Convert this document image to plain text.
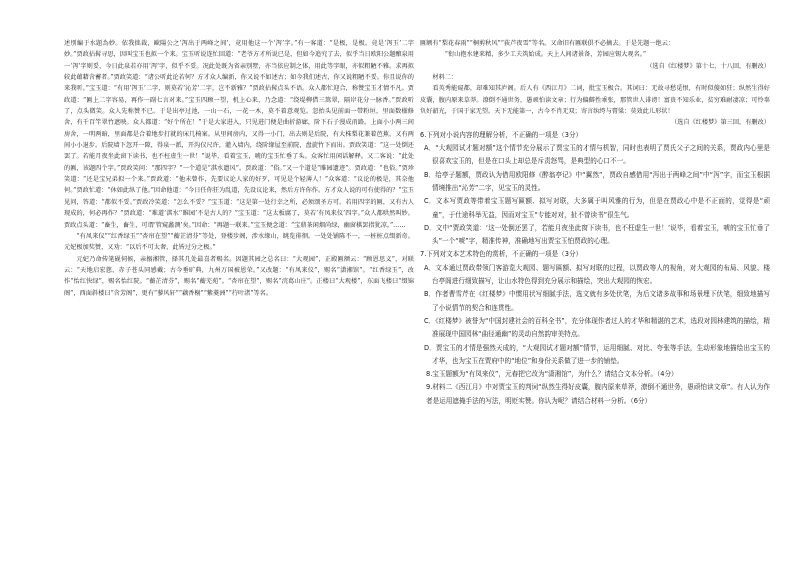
述別編于水題為妙。依我拙裁，歐陽公之‘泻出于两峰之间’，竟用他这一个‘泻’字。”有一客道：“是极，是极。竟是‘泻玉’二字妙。”贾政拈髯寻思，因叫宝玉也拟一个来。宝玉听说连忙回道：“老爷方才所说已是，但如今追究了去，似乎当日欧阳公题酿泉用一‘泻’字则妥，今日此泉若亦用‘泻’字，似乎不妥。况此处既为省亲别墅，亦当依应制之体，用此等字眼，亦似粗陋不雅。求再拟较此蕴藉含蓄者。”贾政笑道：“诸公听此论若何？方才众人编新，你又说不如述古；如今我们述古，你又说粗陋不妥。你且说你的来我听。”宝玉道：“有用‘泻玉’二字，则莫若‘沁芳’二字，岂不新雅？”贾政拈髯点头不语。众人都忙迎合，称赞宝玉才情不凡。贾政道：“匾上二字容易，再作一副七言对来。”宝玉四顾一望，机上心来，乃念道：“绕堤柳借三篙翠，隔岸花分一脉香。”贾政听了，点头微笑。众人先称赞不已。于是出亭过池，一山一石，一花一木，莫不着意观览。忽抬头见前面一带粉垣，里面数楹修舍，有千百竿翠竹遮映。众人都道：“好个所在！”于是大家进入，只见进门便是曲折游廊，阶下石子漫成甬路。上面小小两三间房舍，一明两暗，里面都是合着地步打就的床几椅案。从里间房内，又得一小门，出去则是后院，有大株梨花兼着芭蕉，又有两间小小退步。后院墙下忽开一隙，得泉一派，开沟仅尺许，灌入墙内，绕阶缘屋至前院，盘旋竹下而出。贾政笑道：“这一处倒还罢了。若能月夜坐此窗下读书，也不枉虚生一世！”说毕，看着宝玉，唬的宝玉忙垂了头。众客忙用闲话解释。又二客说：“此处的匾，该题四个字。”贾政笑问：“那四字？”一个道是“淇水遗风”。贾政道：“俗。”又一个道是“睢园遗迹”。贾政道：“也俗。”贾珍笑道：“还是宝兄弟拟一个来。”贾政道：“他未曾作，先要议论人家的好歹，可见是个轻薄人！”众客道：“议论的极是，其奈他何。”贾政忙道：“休如此纵了他。”因命他道：“今日任你狂为乱道，先设议论来，然后方许你作。方才众人说的可有使得的？”宝玉见问，答道：“都似不妥。”贾政冷笑道：“怎么不妥？”宝玉道：“这是第一处行幸之所，必须颂圣方可。若用四字的匾，又有古人现成的，何必再作？”贾政道：“难道‘淇水’‘睢园’不是古人的？”宝玉道：“这太板腐了，莫若‘有凤来仪’四字。”众人都哄然叫妙。贾政点头道：“畜生，畜生，可谓‘管窥蠡测’矣。”因命：“再题一联来。”宝玉便念道：“宝鼎茶闲烟尚绿，幽窗棋罢指犹凉。”……

“有凤来仪”“红香绿玉”“杏帘在望”“蘅芷清芬”等处，登楼步阁，涉水缘山，眺览徘徊。一处处铺陈不一，一桩桩点缀新奇。元妃极加奖赞，又劝：“以后不可太奢，此皆过分之极。”

元妃乃命传笔砚伺候，亲搦湘管，择其几处最喜者赐名。因题其园之总名曰：“大观园”，正殿匾额云：“顾恩思义”，对联云：“天地启宏慈，赤子苍头同感戴；古今垂旷典，九州万国被恩荣。”又改题：“有凤来仪”，赐名“潇湘馆”。“红香绿玉”，改作“怡红快绿”，赐名怡红院。“蘅芷清芬”，赐名“蘅芜苑”。“杏帘在望”，赐名“浣葛山庄”。正楼曰“大观楼”，东面飞楼曰“缀锦阁”，西面斜楼曰“含芳阁”，更有“蓼风轩”“藕香榭”“紫菱洲”“荇叶渚”等名。

匾额有“梨花春雨”“桐剪秋风”“荻芦夜雪”等名。又命旧有匾联俱不必摘去。于是先题一绝云：

“衔山抱水建来精，多少工夫筑始成。天上人间诸景备，芳园应锡大观名。”

（选自《红楼梦》第十七、十八回，有删改）

材料二：

看英秀能窥都，却难知其庐阁。后人有《西江月》二词，批宝玉极合。其词曰：无故寻愁觅恨，有时似傻如狂；纵然生得好皮囊，腹内原来草莽。潦倒不通世务，愚顽怕读文章；行为偏僻性乖张，那管世人诽谤！富贵不知乐业，贫穷难耐凄凉；可怜辜负好韶光，于国于家无望。天下无能第一，古今不肖无双；寄言纨绔与膏粱：莫效此儿形状！

（选自《红楼梦》第三回，有删改）

6.下列对小说内容的理解分析，不正确的一项是（3分）

A．“大观园试才题对额”这个情节充分展示了贾宝玉的才情与机智，同时也表明了贾氏父子之间的关系，贾政内心里是很喜欢宝玉的，但是在口头上却总是斥责怒骂，是典型的心口不一。

B．给亭子题额，贾政认为借用欧阳修《醉翁亭记》中“翼然”，贾政自感借用“泻出于两峰之间”中“泻”字，而宝玉根据情境推出“沁芳”二字，见宝玉的灵性。

C．文本写贾政等带着宝玉题写匾额、拟写对联，大多属于叫风雅的行为，但是在贾政心中是不正面的，觉得是“顽童”，于仕途科举无益，因而对宝玉“专能对对，扯不曾读书”很生气。

D．文中“贾政笑道：‘这一处倒还罢了，若能月夜坐此窗下读书，也不枉虚生一世！’说毕，看着宝玉，唬的宝玉忙垂了头”一个“唬”字，精准传神，准确地写出贾宝玉怕贾政的心理。

7.下列对文本艺术特色的赏析，不正确的一项是（3分）

A．文本通过贾政带领门客游览大观园、题写匾额、拟写对联的过程，以贾政等人的视角，对大观园的布局、风貌、楼台亭阁进行细致描写，让山水特色得到充分展示和描绘，突出大观园的恢宏。

B．作者曹雪芹在《红楼梦》中惯用状写细腻手法，选文就有多处伏笔，为后文诸多故事和场景埋下伏笔，细致地描写了小说情节的契合和连贯性。

C．《红楼梦》被誉为“中国封建社会的百科全书”，充分体现作者过人的才华和精湛的艺术，选段对园林建筑的描绘，精准展现中国园林“曲径通幽”的灵动自然韵审美特点。

D．贾宝玉的才情是强然天成的，“大观园试才题对额”情节，运用细腻、对比、夸张等手法，生动形象地描绘出宝玉的才华，也为宝玉在贾府中的“地位”和身份关系做了进一步的铺垫。

8.宝玉题额为“有凤来仪”，元春把它改为“潇湘馆”，为什么？请结合文本分析。（4分）

9.材料二《西江月》中对贾宝玉的判词“纵然生得好皮囊，腹内原来草莽，潦倒不通世务，愚顽怕读文章”。有人认为作者是运用遮掩手法的写法，明贬实赞。你认为呢？请结合材料一分析。（6分）
